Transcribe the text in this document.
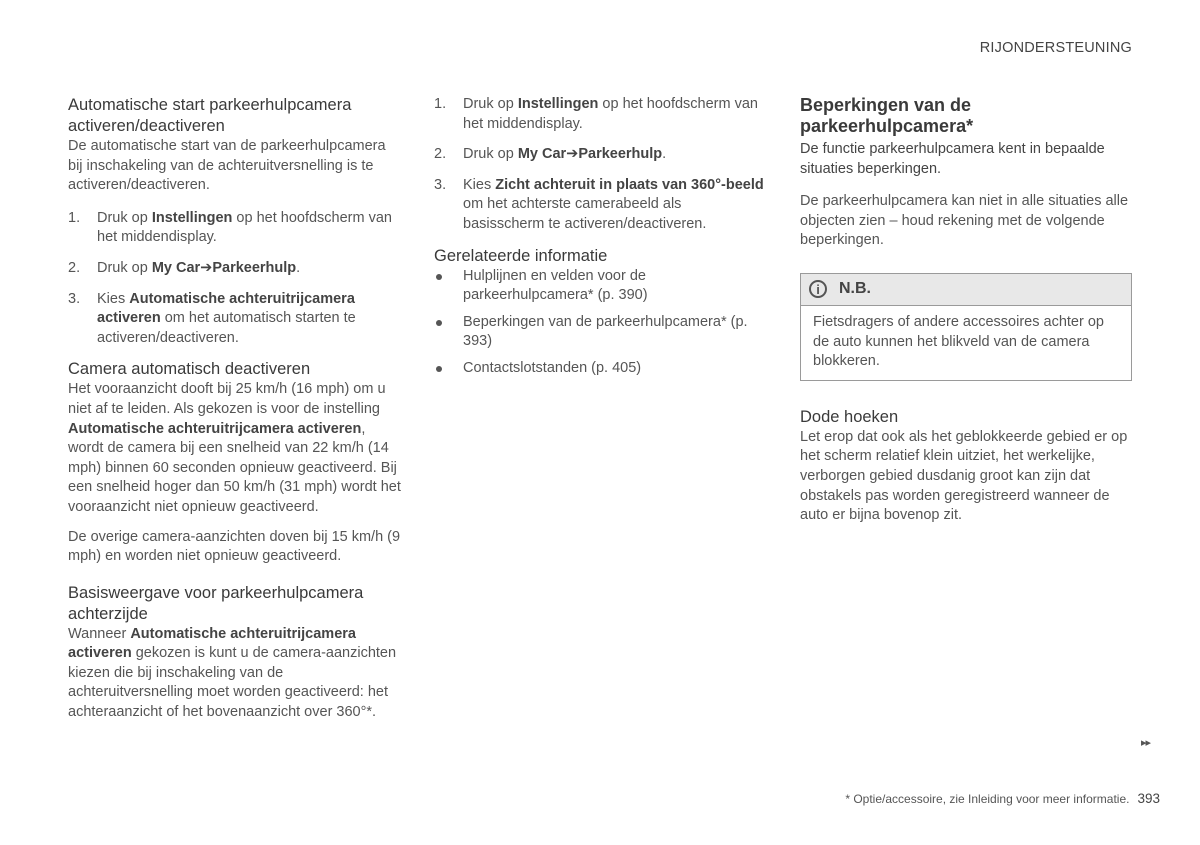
RIJONDERSTEUNING
Automatische start parkeerhulpcamera activeren/deactiveren

De automatische start van de parkeerhulpcamera bij inschakeling van de achteruitversnelling is te activeren/deactiveren.

1. Druk op Instellingen op het hoofdscherm van het middendisplay.
2. Druk op My Car➔Parkeerhulp.
3. Kies Automatische achteruitrijcamera activeren om het automatisch starten te activeren/deactiveren.
Camera automatisch deactiveren

Het vooraanzicht dooft bij 25 km/h (16 mph) om u niet af te leiden. Als gekozen is voor de instelling Automatische achteruitrijcamera activeren, wordt de camera bij een snelheid van 22 km/h (14 mph) binnen 60 seconden opnieuw geactiveerd. Bij een snelheid hoger dan 50 km/h (31 mph) wordt het vooraanzicht niet opnieuw geactiveerd.

De overige camera-aanzichten doven bij 15 km/h (9 mph) en worden niet opnieuw geactiveerd.

Basisweergave voor parkeerhulpcamera achterzijde

Wanneer Automatische achteruitrijcamera activeren gekozen is kunt u de camera-aanzichten kiezen die bij inschakeling van de achteruitversnelling moet worden geactiveerd: het achteraanzicht of het bovenaanzicht over 360°*.

1. Druk op Instellingen op het hoofdscherm van het middendisplay.
2. Druk op My Car➔Parkeerhulp.
3. Kies Zicht achteruit in plaats van 360°-beeld om het achterste camerabeeld als basisscherm te activeren/deactiveren.
Gerelateerde informatie
Hulplijnen en velden voor de parkeerhulpcamera* (p. 390)
Beperkingen van de parkeerhulpcamera* (p. 393)
Contactslotstanden (p. 405)
Beperkingen van de parkeerhulpcamera*

De functie parkeerhulpcamera kent in bepaalde situaties beperkingen.

De parkeerhulpcamera kan niet in alle situaties alle objecten zien – houd rekening met de volgende beperkingen.

i	N.B.

Fietsdragers of andere accessoires achter op de auto kunnen het blikveld van de camera blokkeren.

Dode hoeken

Let erop dat ook als het geblokkeerde gebied er op het scherm relatief klein uitziet, het werkelijke, verborgen gebied dusdanig groot kan zijn dat obstakels pas worden geregistreerd wanneer de auto er bijna bovenop zit.

▸▸
* Optie/accessoire, zie Inleiding voor meer informatie. 393
